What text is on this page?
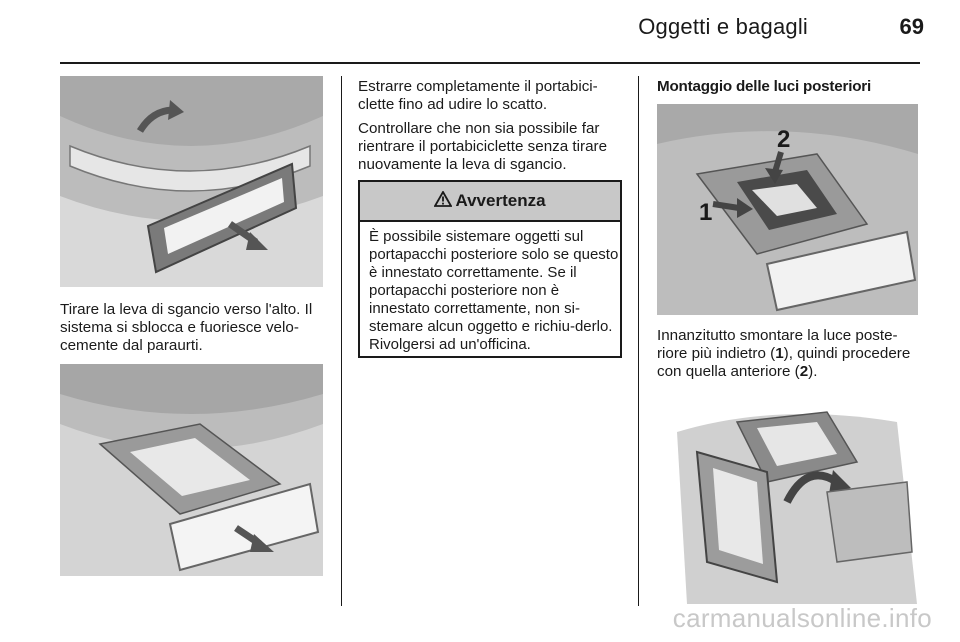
Oggetti e bagagli	69

Tirare la leva di sgancio verso l'alto. Il sistema si sblocca e fuoriesce velo-cemente dal paraurti.

Estrarre completamente il portabici-clette fino ad udire lo scatto.

Controllare che non sia possibile far rientrare il portabiciclette senza tirare nuovamente la leva di sgancio.

Avvertenza
È possibile sistemare oggetti sul portapacchi posteriore solo se questo è innestato correttamente. Se il portapacchi posteriore non è innestato correttamente, non si-stemare alcun oggetto e richiu-derlo. Rivolgersi ad un'officina.
Montaggio delle luci posteriori
1
2

Innanzitutto smontare la luce poste-riore più indietro (1), quindi procedere con quella anteriore (2).

carmanualsonline.info
